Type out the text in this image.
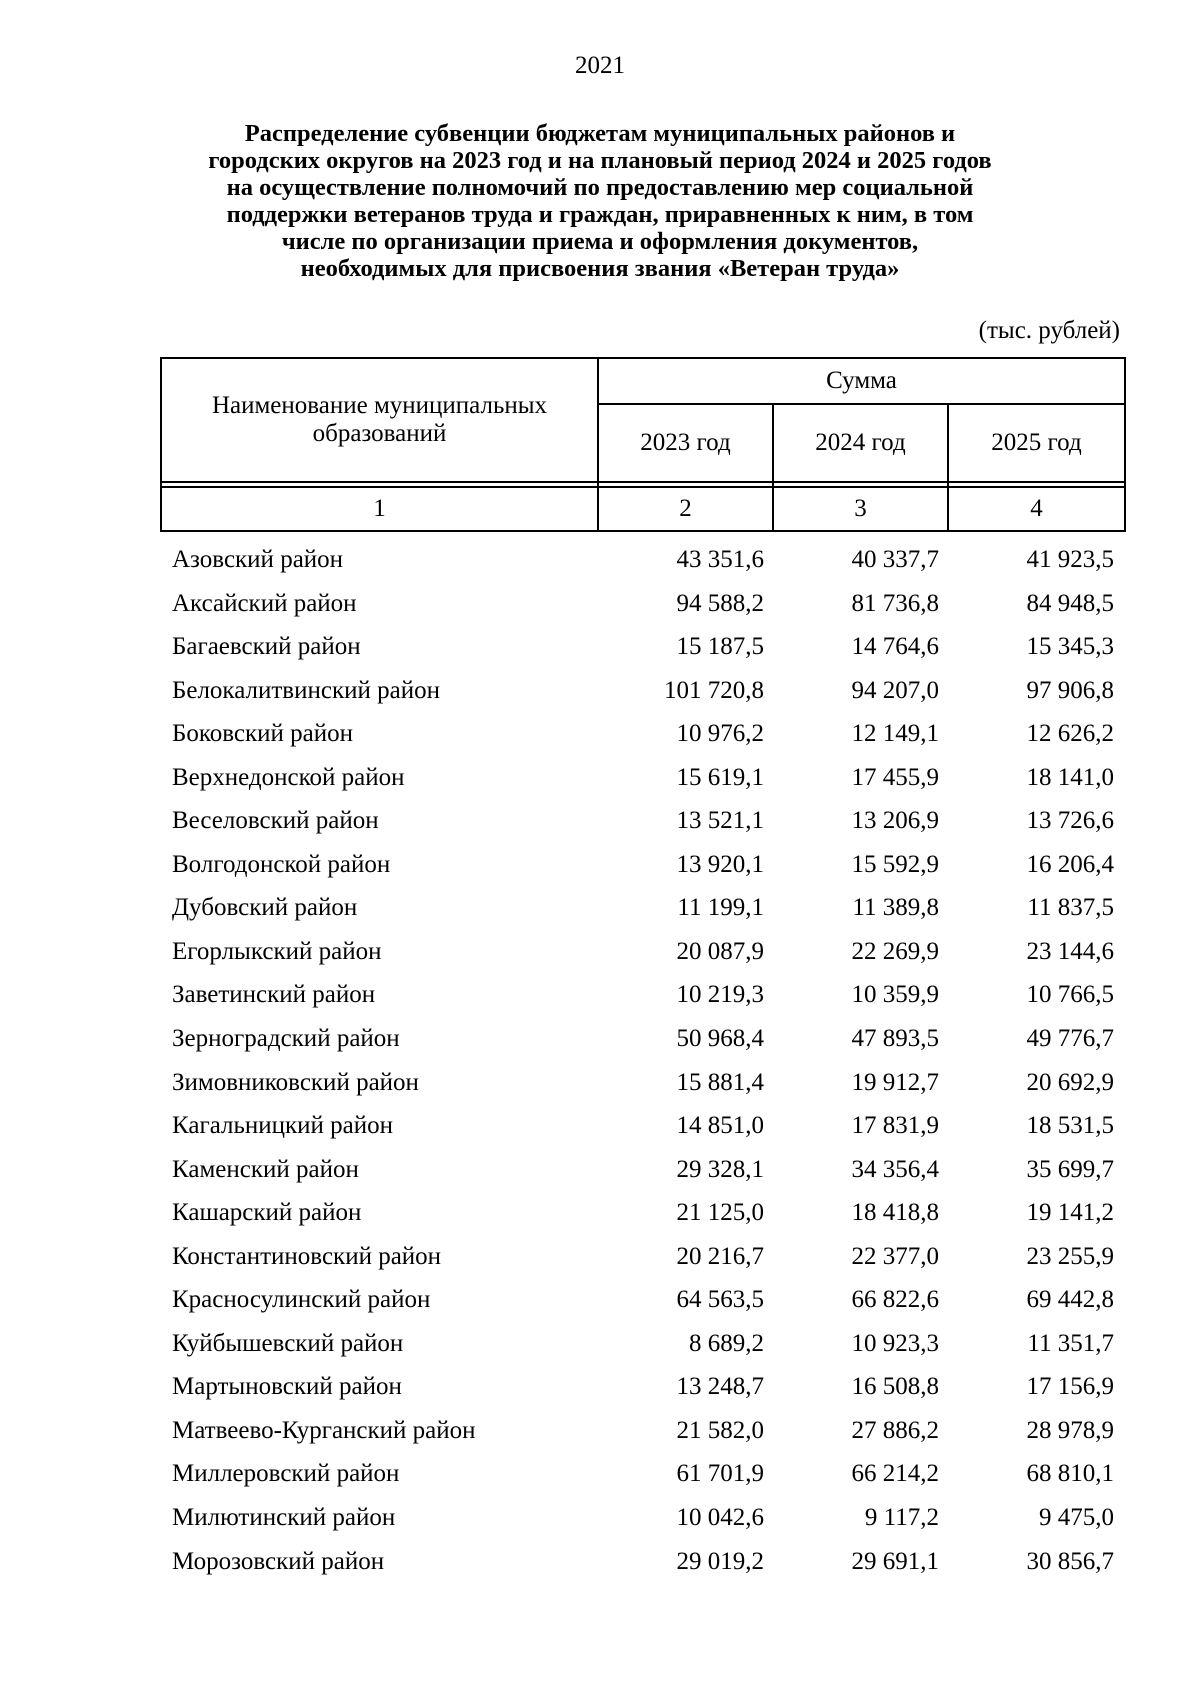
2021
Распределение субвенции бюджетам муниципальных районов и
городских округов на 2023 год и на плановый период 2024 и 2025 годов
на осуществление полномочий по предоставлению мер социальной
поддержки ветеранов труда и граждан, приравненных к ним, в том
числе по организации приема и оформления документов,
необходимых для присвоения звания «Ветеран труда»
(тыс. рублей)
Наименование муниципальных образований	Сумма		
	2023 год	2024 год	2025 год

1	2	3	4
Азовский район	43 351,6	40 337,7	41 923,5
Аксайский район	94 588,2	81 736,8	84 948,5
Багаевский район	15 187,5	14 764,6	15 345,3
Белокалитвинский район	101 720,8	94 207,0	97 906,8
Боковский район	10 976,2	12 149,1	12 626,2
Верхнедонской район	15 619,1	17 455,9	18 141,0
Веселовский район	13 521,1	13 206,9	13 726,6
Волгодонской район	13 920,1	15 592,9	16 206,4
Дубовский район	11 199,1	11 389,8	11 837,5
Егорлыкский район	20 087,9	22 269,9	23 144,6
Заветинский район	10 219,3	10 359,9	10 766,5
Зерноградский район	50 968,4	47 893,5	49 776,7
Зимовниковский район	15 881,4	19 912,7	20 692,9
Кагальницкий район	14 851,0	17 831,9	18 531,5
Каменский район	29 328,1	34 356,4	35 699,7
Кашарский район	21 125,0	18 418,8	19 141,2
Константиновский район	20 216,7	22 377,0	23 255,9
Красносулинский район	64 563,5	66 822,6	69 442,8
Куйбышевский район	8 689,2	10 923,3	11 351,7
Мартыновский район	13 248,7	16 508,8	17 156,9
Матвеево-Курганский район	21 582,0	27 886,2	28 978,9
Миллеровский район	61 701,9	66 214,2	68 810,1
Милютинский район	10 042,6	9 117,2	9 475,0
Морозовский район	29 019,2	29 691,1	30 856,7
